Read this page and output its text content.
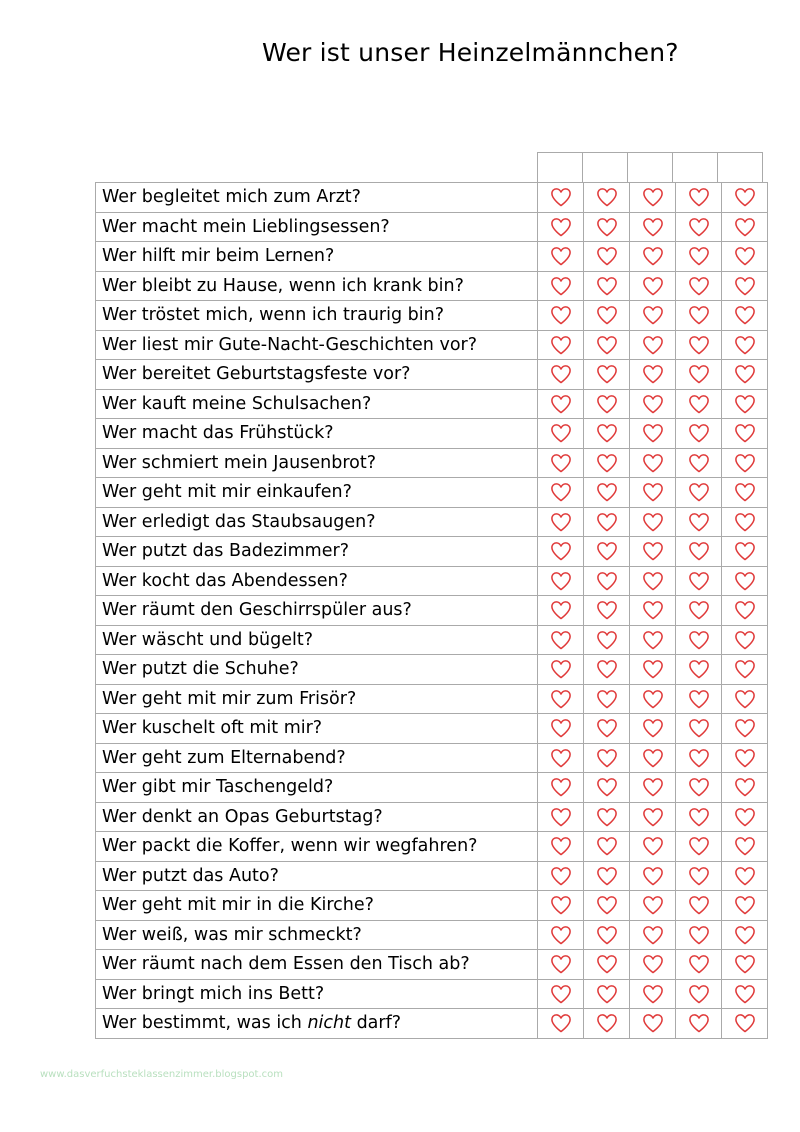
Wer ist unser Heinzelmännchen?
Wer begleitet mich zum Arzt?
Wer macht mein Lieblingsessen?
Wer hilft mir beim Lernen?
Wer bleibt zu Hause, wenn ich krank bin?
Wer tröstet mich, wenn ich traurig bin?
Wer liest mir Gute-Nacht-Geschichten vor?
Wer bereitet Geburtstagsfeste vor?
Wer kauft meine Schulsachen?
Wer macht das Frühstück?
Wer schmiert mein Jausenbrot?
Wer geht mit mir einkaufen?
Wer erledigt das Staubsaugen?
Wer putzt das Badezimmer?
Wer kocht das Abendessen?
Wer räumt den Geschirrspüler aus?
Wer wäscht und bügelt?
Wer putzt die Schuhe?
Wer geht mit mir zum Frisör?
Wer kuschelt oft mit mir?
Wer geht zum Elternabend?
Wer gibt mir Taschengeld?
Wer denkt an Opas Geburtstag?
Wer packt die Koffer, wenn wir wegfahren?
Wer putzt das Auto?
Wer geht mit mir in die Kirche?
Wer weiß, was mir schmeckt?
Wer räumt nach dem Essen den Tisch ab?
Wer bringt mich ins Bett?
Wer bestimmt, was ich nicht darf?
www.dasverfuchsteklassenzimmer.blogspot.com
